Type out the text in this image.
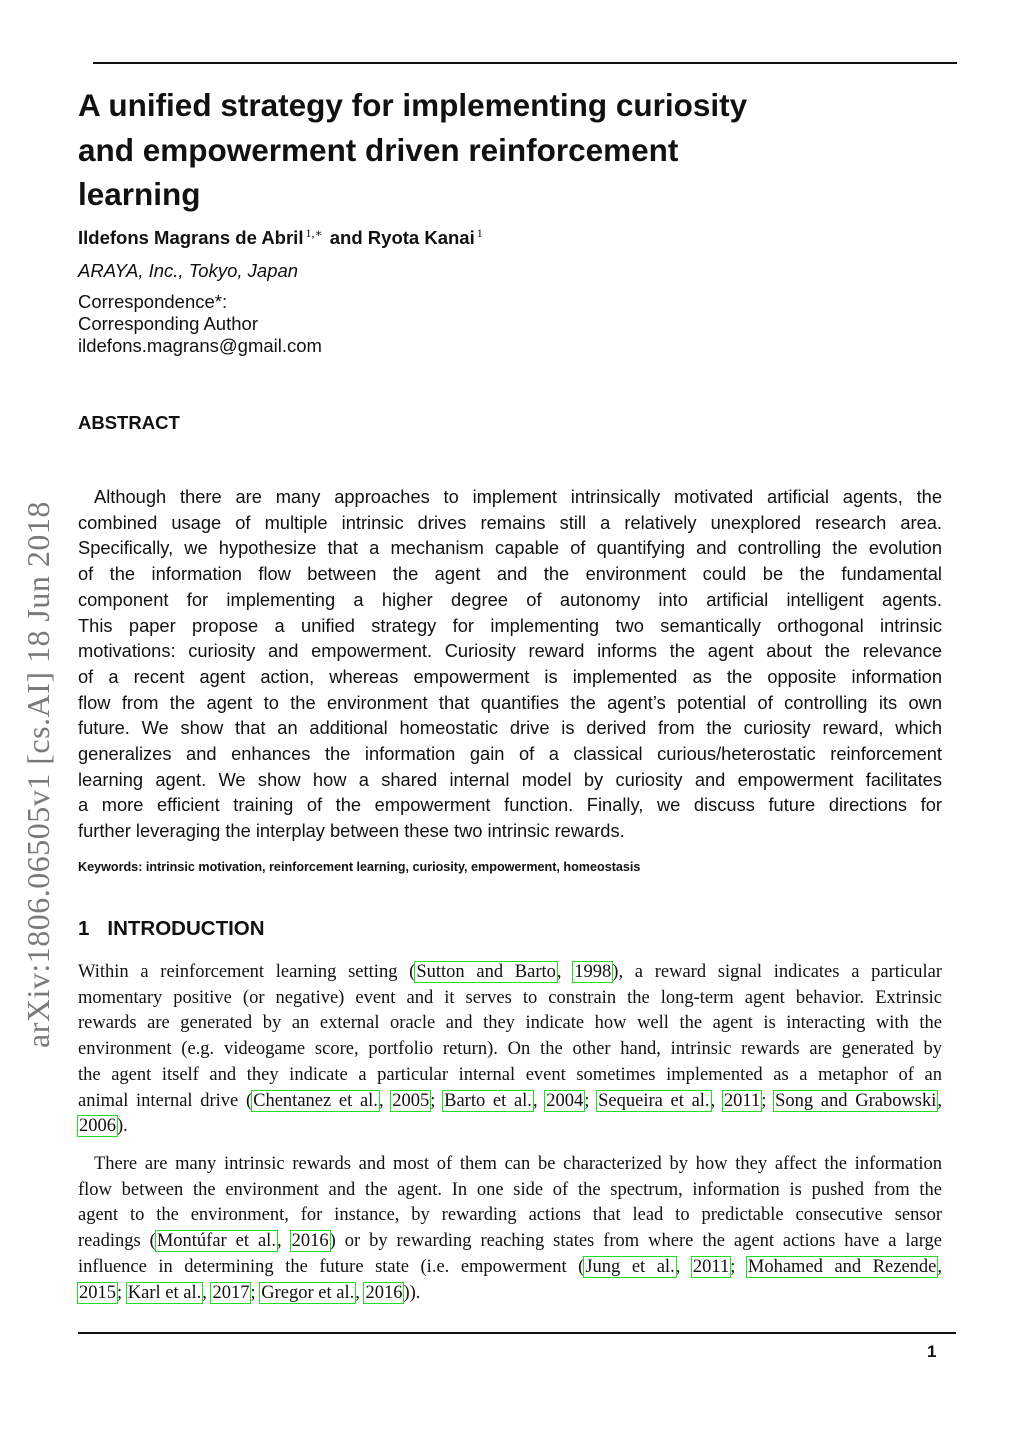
arXiv:1806.06505v1 [cs.AI] 18 Jun 2018
A unified strategy for implementing curiosity
and empowerment driven reinforcement
learning
Ildefons Magrans de Abril $^{1,∗}$ and Ryota Kanai $^1$
ARAYA, Inc., Tokyo, Japan
Correspondence*:
Corresponding Author
ildefons.magrans@gmail.com
ABSTRACT
Although there are many approaches to implement intrinsically motivated artificial agents, the
combined usage of multiple intrinsic drives remains still a relatively unexplored research area.
Specifically, we hypothesize that a mechanism capable of quantifying and controlling the evolution
of the information flow between the agent and the environment could be the fundamental
component for implementing a higher degree of autonomy into artificial intelligent agents.
This paper propose a unified strategy for implementing two semantically orthogonal intrinsic
motivations: curiosity and empowerment. Curiosity reward informs the agent about the relevance
of a recent agent action, whereas empowerment is implemented as the opposite information
flow from the agent to the environment that quantifies the agent’s potential of controlling its own
future. We show that an additional homeostatic drive is derived from the curiosity reward, which
generalizes and enhances the information gain of a classical curious/heterostatic reinforcement
learning agent. We show how a shared internal model by curiosity and empowerment facilitates
a more efficient training of the empowerment function. Finally, we discuss future directions for
further leveraging the interplay between these two intrinsic rewards.
Keywords: intrinsic motivation, reinforcement learning, curiosity, empowerment, homeostasis
1 INTRODUCTION
Within a reinforcement learning setting (Sutton and Barto, 1998), a reward signal indicates a particular
momentary positive (or negative) event and it serves to constrain the long-term agent behavior. Extrinsic
rewards are generated by an external oracle and they indicate how well the agent is interacting with the
environment (e.g. videogame score, portfolio return). On the other hand, intrinsic rewards are generated by
the agent itself and they indicate a particular internal event sometimes implemented as a metaphor of an
animal internal drive (Chentanez et al., 2005; Barto et al., 2004; Sequeira et al., 2011; Song and Grabowski,
2006).
There are many intrinsic rewards and most of them can be characterized by how they affect the information
flow between the environment and the agent. In one side of the spectrum, information is pushed from the
agent to the environment, for instance, by rewarding actions that lead to predictable consecutive sensor
readings (Montúfar et al., 2016) or by rewarding reaching states from where the agent actions have a large
influence in determining the future state (i.e. empowerment (Jung et al., 2011; Mohamed and Rezende,
2015; Karl et al., 2017; Gregor et al., 2016)).
1
